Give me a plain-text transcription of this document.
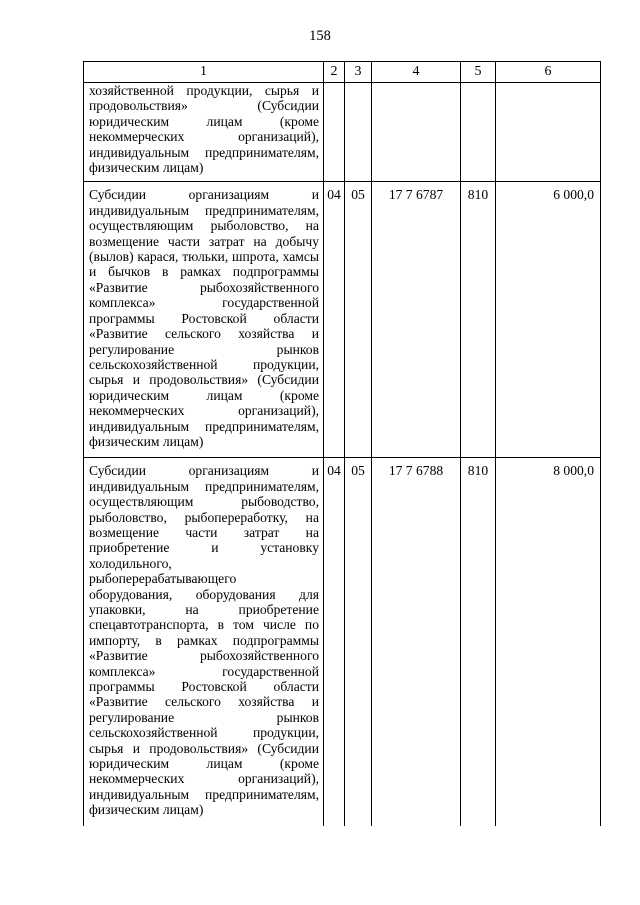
158
1	2	3	4	5	6
хозяйственной продукции, сырья и продовольствия» (Субсидии юридическим лицам (кроме некоммерческих организаций), индивидуальным предпринимателям, физическим лицам)					
Субсидии организациям и индивидуальным предпринимателям, осуществляющим рыболовство, на возмещение части затрат на добычу (вылов) карася, тюльки, шпрота, хамсы и бычков в рамках подпрограммы «Развитие рыбохозяйственного комплекса» государственной программы Ростовской области «Развитие сельского хозяйства и регулирование рынков сельскохозяйственной продукции, сырья и продовольствия» (Субсидии юридическим лицам (кроме некоммерческих организаций), индивидуальным предпринимателям, физическим лицам)	04	05	17 7 6787	810	6 000,0
Субсидии организациям и индивидуальным предпринимателям, осуществляющим рыбоводство, рыболовство, рыбопереработку, на возмещение части затрат на приобретение и установку холодильного, рыбоперерабатывающего оборудования, оборудования для упаковки, на приобретение спецавтотранспорта, в том числе по импорту, в рамках подпрограммы «Развитие рыбохозяйственного комплекса» государственной программы Ростовской области «Развитие сельского хозяйства и регулирование рынков сельскохозяйственной продукции, сырья и продовольствия» (Субсидии юридическим лицам (кроме некоммерческих организаций), индивидуальным предпринимателям, физическим лицам)	04	05	17 7 6788	810	8 000,0
